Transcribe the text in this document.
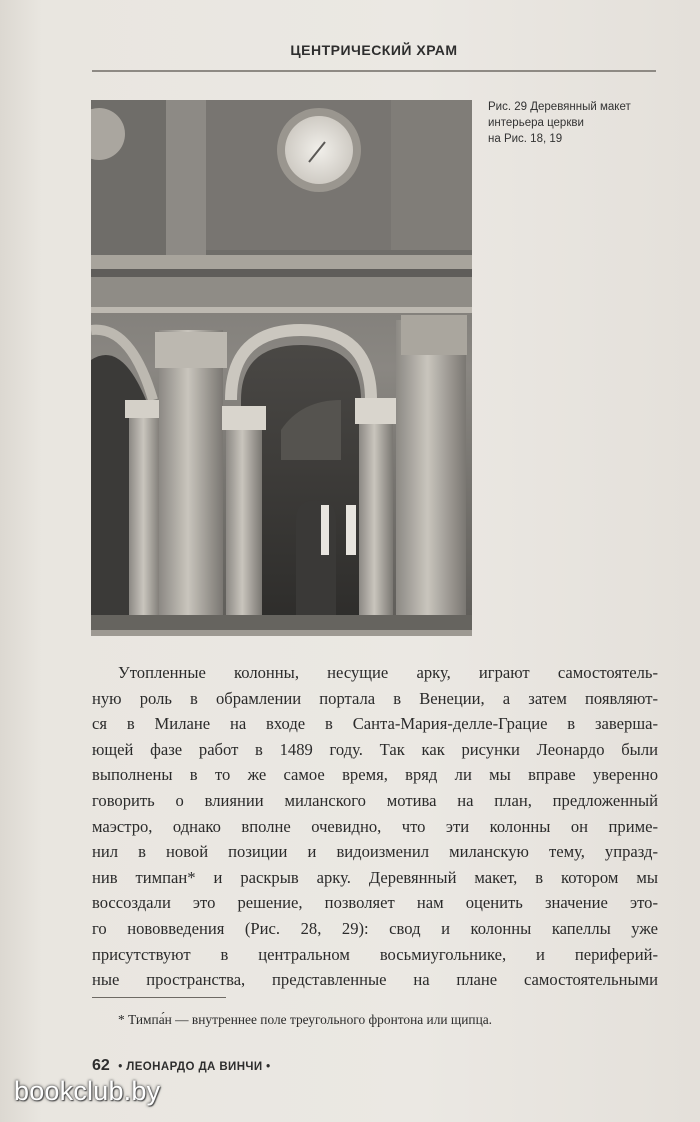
ЦЕНТРИЧЕСКИЙ ХРАМ
Рис. 29 Деревянный макет
интерьера церкви
на Рис. 18, 19
Утопленные колонны, несущие арку, играют самостоятель-
ную роль в обрамлении портала в Венеции, а затем появляют-
ся в Милане на входе в Санта-Мария-делле-Грацие в заверша-
ющей фазе работ в 1489 году. Так как рисунки Леонардо были
выполнены в то же самое время, вряд ли мы вправе уверенно
говорить о влиянии миланского мотива на план, предложенный
маэстро, однако вполне очевидно, что эти колонны он приме-
нил в новой позиции и видоизменил миланскую тему, упразд-
нив тимпан* и раскрыв арку. Деревянный макет, в котором мы
воссоздали это решение, позволяет нам оценить значение это-
го нововведения (Рис. 28, 29): свод и колонны капеллы уже
присутствуют в центральном восьмиугольнике, и периферий-
ные пространства, представленные на плане самостоятельными
* Тимпа́н — внутреннее поле треугольного фронтона или щипца.
62 • ЛЕОНАРДО ДА ВИНЧИ •
bookclub.by
